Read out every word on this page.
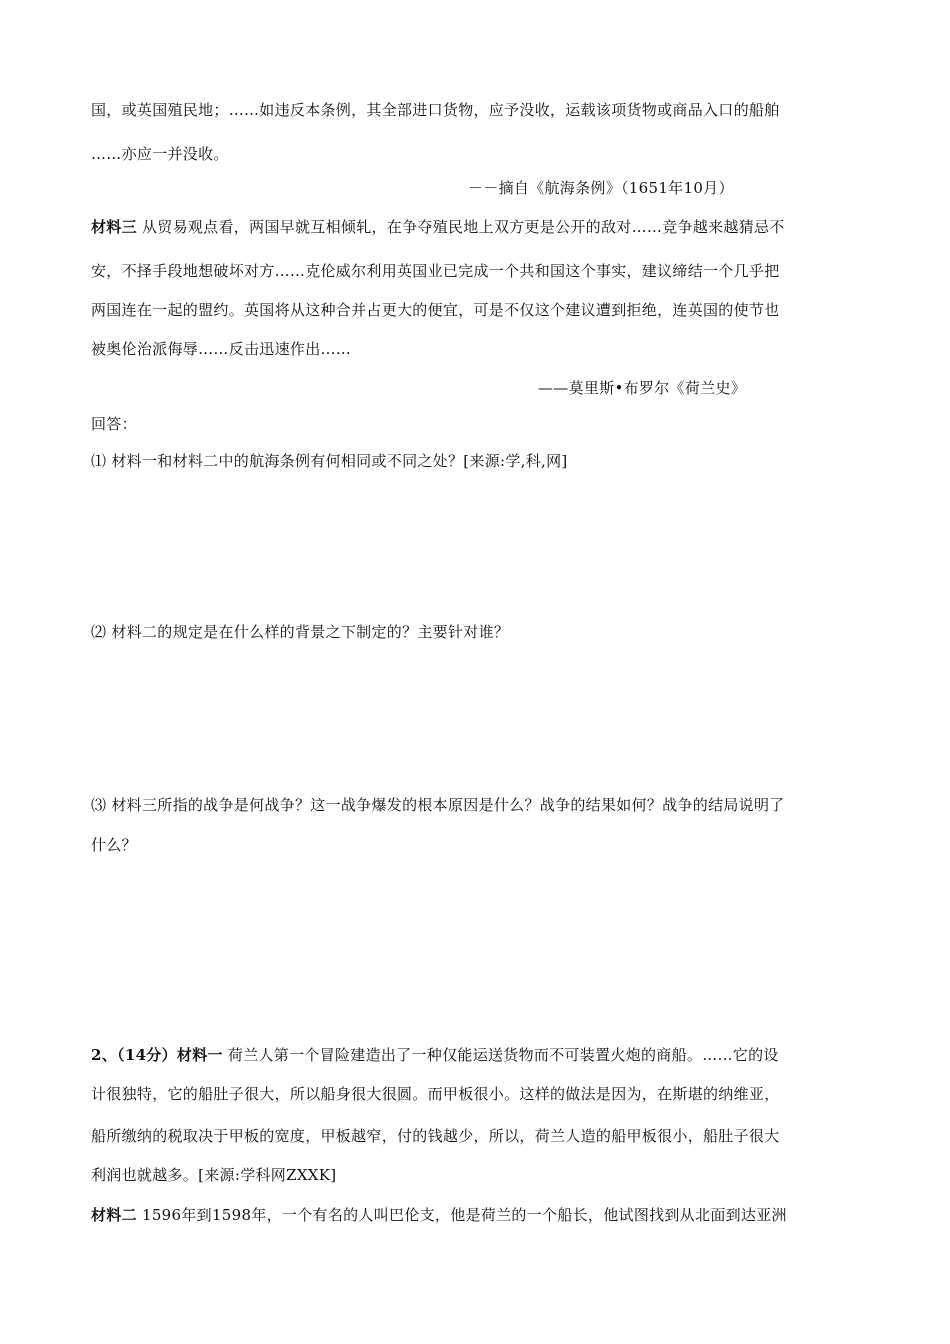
国，或英国殖民地；……如违反本条例，其全部进口货物，应予没收，运载该项货物或商品入口的船舶
……亦应一并没收。
－－摘自《航海条例》（1651年10月）
材料三 从贸易观点看，两国早就互相倾轧，在争夺殖民地上双方更是公开的敌对……竞争越来越猜忌不
安，不择手段地想破坏对方……克伦威尔利用英国业已完成一个共和国这个事实，建议缔结一个几乎把
两国连在一起的盟约。英国将从这种合并占更大的便宜，可是不仅这个建议遭到拒绝，连英国的使节也
被奥伦治派侮辱……反击迅速作出……
——莫里斯•布罗尔《荷兰史》
回答：
⑴ 材料一和材料二中的航海条例有何相同或不同之处？[来源:学,科,网]
⑵ 材料二的规定是在什么样的背景之下制定的？主要针对谁？
⑶ 材料三所指的战争是何战争？这一战争爆发的根本原因是什么？战争的结果如何？战争的结局说明了
什么？
2、（14分）材料一 荷兰人第一个冒险建造出了一种仅能运送货物而不可装置火炮的商船。……它的设
计很独特，它的船肚子很大，所以船身很大很圆。而甲板很小。这样的做法是因为，在斯堪的纳维亚，
船所缴纳的税取决于甲板的宽度，甲板越窄，付的钱越少，所以，荷兰人造的船甲板很小，船肚子很大
利润也就越多。[来源:学科网ZXXK]
材料二 1596年到1598年，一个有名的人叫巴伦支，他是荷兰的一个船长，他试图找到从北面到达亚洲
